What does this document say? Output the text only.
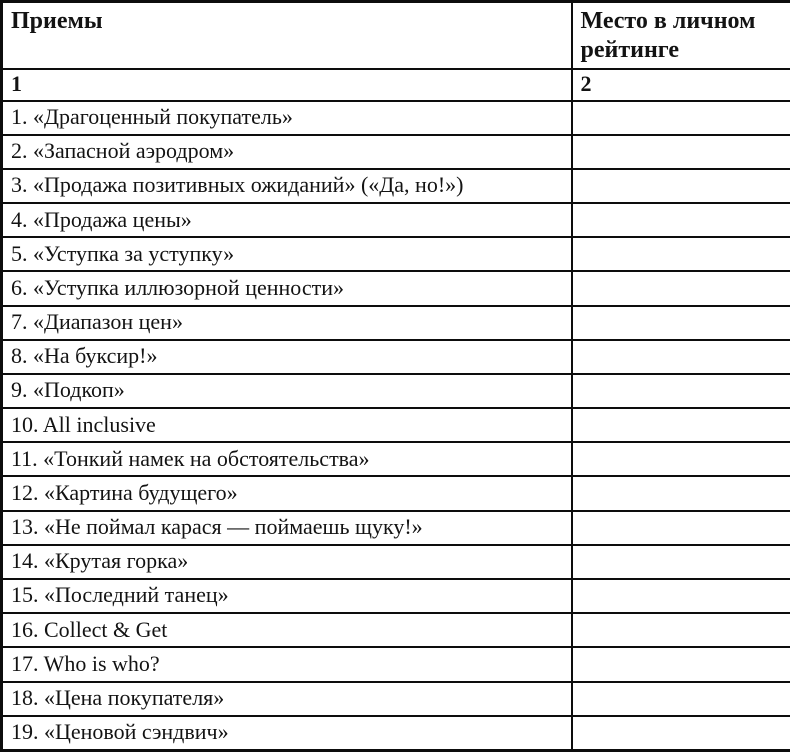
Приемы	Место в личном рейтинге
1	2
1. «Драгоценный покупатель»	
2. «Запасной аэродром»	
3. «Продажа позитивных ожиданий» («Да, но!»)	
4. «Продажа цены»	
5. «Уступка за уступку»	
6. «Уступка иллюзорной ценности»	
7. «Диапазон цен»	
8. «На буксир!»	
9. «Подкоп»	
10. All inclusive	
11. «Тонкий намек на обстоятельства»	
12. «Картина будущего»	
13. «Не поймал карася — поймаешь щуку!»	
14. «Крутая горка»	
15. «Последний танец»	
16. Collect & Get	
17. Who is who?	
18. «Цена покупателя»	
19. «Ценовой сэндвич»	
